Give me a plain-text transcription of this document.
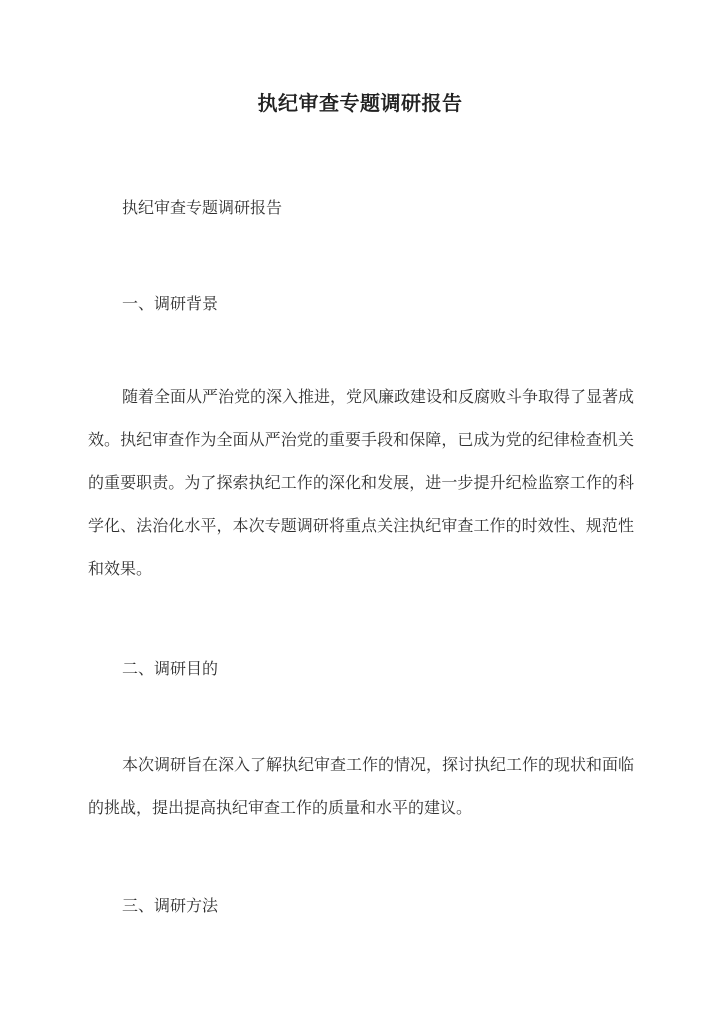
执纪审查专题调研报告
执纪审查专题调研报告
一、调研背景
随着全面从严治党的深入推进，党风廉政建设和反腐败斗争取得了显著成效。执纪审查作为全面从严治党的重要手段和保障，已成为党的纪律检查机关的重要职责。为了探索执纪工作的深化和发展，进一步提升纪检监察工作的科学化、法治化水平，本次专题调研将重点关注执纪审查工作的时效性、规范性和效果。
二、调研目的
本次调研旨在深入了解执纪审查工作的情况，探讨执纪工作的现状和面临的挑战，提出提高执纪审查工作的质量和水平的建议。
三、调研方法
